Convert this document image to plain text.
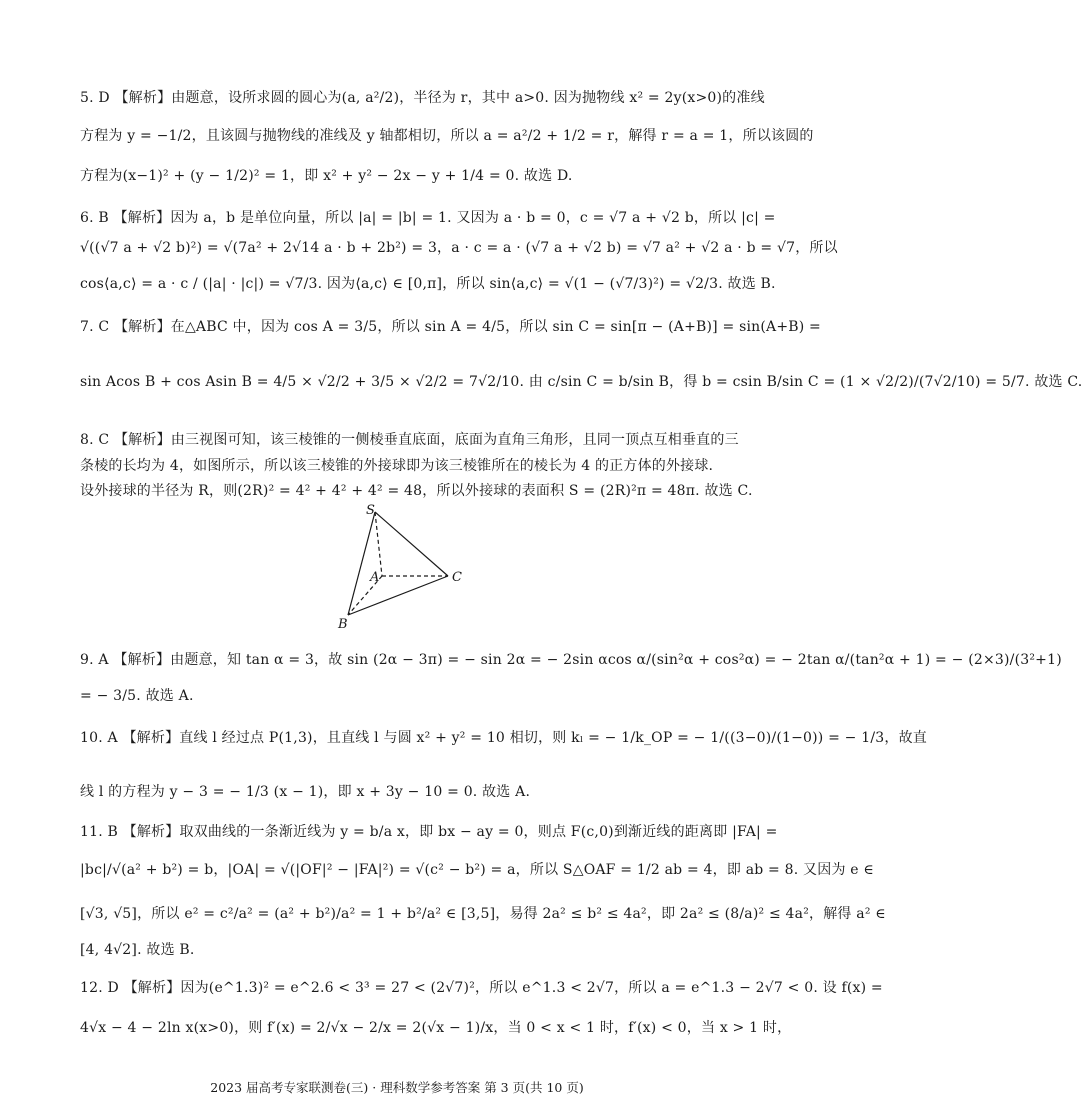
5. D 【解析】由题意，设所求圆的圆心为(a, a²/2)，半径为 r，其中 a>0. 因为抛物线 x² = 2y(x>0)的准线
方程为 y = −1/2，且该圆与抛物线的准线及 y 轴都相切，所以 a = a²/2 + 1/2 = r，解得 r = a = 1，所以该圆的
方程为(x−1)² + (y − 1/2)² = 1，即 x² + y² − 2x − y + 1/4 = 0. 故选 D.
6. B 【解析】因为 a，b 是单位向量，所以 |a| = |b| = 1. 又因为 a · b = 0，c = √7 a + √2 b，所以 |c| =
√((√7 a + √2 b)²) = √(7a² + 2√14 a · b + 2b²) = 3，a · c = a · (√7 a + √2 b) = √7 a² + √2 a · b = √7，所以
cos⟨a,c⟩ = a · c / (|a| · |c|) = √7/3. 因为⟨a,c⟩ ∈ [0,π]，所以 sin⟨a,c⟩ = √(1 − (√7/3)²) = √2/3. 故选 B.
7. C 【解析】在△ABC 中，因为 cos A = 3/5，所以 sin A = 4/5，所以 sin C = sin[π − (A+B)] = sin(A+B) =
sin Acos B + cos Asin B = 4/5 × √2/2 + 3/5 × √2/2 = 7√2/10. 由 c/sin C = b/sin B，得 b = csin B/sin C = (1 × √2/2)/(7√2/10) = 5/7. 故选 C.
8. C 【解析】由三视图可知，该三棱锥的一侧棱垂直底面，底面为直角三角形，且同一顶点互相垂直的三
条棱的长均为 4，如图所示，所以该三棱锥的外接球即为该三棱锥所在的棱长为 4 的正方体的外接球.
设外接球的半径为 R，则(2R)² = 4² + 4² + 4² = 48，所以外接球的表面积 S = (2R)²π = 48π. 故选 C.
S
A	C
B
9. A 【解析】由题意，知 tan α = 3，故 sin (2α − 3π) = − sin 2α = − 2sin αcos α/(sin²α + cos²α) = − 2tan α/(tan²α + 1) = − (2×3)/(3²+1)
= − 3/5. 故选 A.
10. A 【解析】直线 l 经过点 P(1,3)，且直线 l 与圆 x² + y² = 10 相切，则 kₗ = − 1/k_OP = − 1/((3−0)/(1−0)) = − 1/3，故直
线 l 的方程为 y − 3 = − 1/3 (x − 1)，即 x + 3y − 10 = 0. 故选 A.
11. B 【解析】取双曲线的一条渐近线为 y = b/a x，即 bx − ay = 0，则点 F(c,0)到渐近线的距离即 |FA| =
|bc|/√(a² + b²) = b，|OA| = √(|OF|² − |FA|²) = √(c² − b²) = a，所以 S△OAF = 1/2 ab = 4，即 ab = 8. 又因为 e ∈
[√3, √5]，所以 e² = c²/a² = (a² + b²)/a² = 1 + b²/a² ∈ [3,5]，易得 2a² ≤ b² ≤ 4a²，即 2a² ≤ (8/a)² ≤ 4a²，解得 a² ∈
[4, 4√2]. 故选 B.
12. D 【解析】因为(e^1.3)² = e^2.6 < 3³ = 27 < (2√7)²，所以 e^1.3 < 2√7，所以 a = e^1.3 − 2√7 < 0. 设 f(x) =
4√x − 4 − 2ln x(x>0)，则 f′(x) = 2/√x − 2/x = 2(√x − 1)/x，当 0 < x < 1 时，f′(x) < 0，当 x > 1 时，
2023 届高考专家联测卷(三) · 理科数学参考答案 第 3 页(共 10 页)
